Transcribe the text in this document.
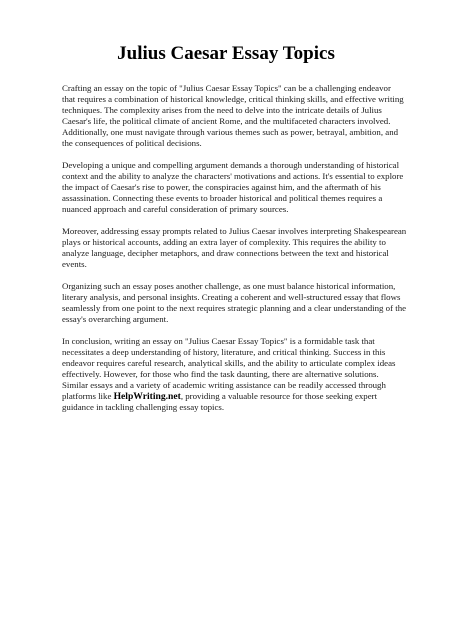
Julius Caesar Essay Topics

Crafting an essay on the topic of "Julius Caesar Essay Topics" can be a challenging endeavor
that requires a combination of historical knowledge, critical thinking skills, and effective writing
techniques. The complexity arises from the need to delve into the intricate details of Julius
Caesar's life, the political climate of ancient Rome, and the multifaceted characters involved.
Additionally, one must navigate through various themes such as power, betrayal, ambition, and
the consequences of political decisions.

Developing a unique and compelling argument demands a thorough understanding of historical
context and the ability to analyze the characters' motivations and actions. It's essential to explore
the impact of Caesar's rise to power, the conspiracies against him, and the aftermath of his
assassination. Connecting these events to broader historical and political themes requires a
nuanced approach and careful consideration of primary sources.

Moreover, addressing essay prompts related to Julius Caesar involves interpreting Shakespearean
plays or historical accounts, adding an extra layer of complexity. This requires the ability to
analyze language, decipher metaphors, and draw connections between the text and historical
events.

Organizing such an essay poses another challenge, as one must balance historical information,
literary analysis, and personal insights. Creating a coherent and well-structured essay that flows
seamlessly from one point to the next requires strategic planning and a clear understanding of the
essay's overarching argument.

In conclusion, writing an essay on "Julius Caesar Essay Topics" is a formidable task that
necessitates a deep understanding of history, literature, and critical thinking. Success in this
endeavor requires careful research, analytical skills, and the ability to articulate complex ideas
effectively. However, for those who find the task daunting, there are alternative solutions.
Similar essays and a variety of academic writing assistance can be readily accessed through
platforms like HelpWriting.net, providing a valuable resource for those seeking expert
guidance in tackling challenging essay topics.
